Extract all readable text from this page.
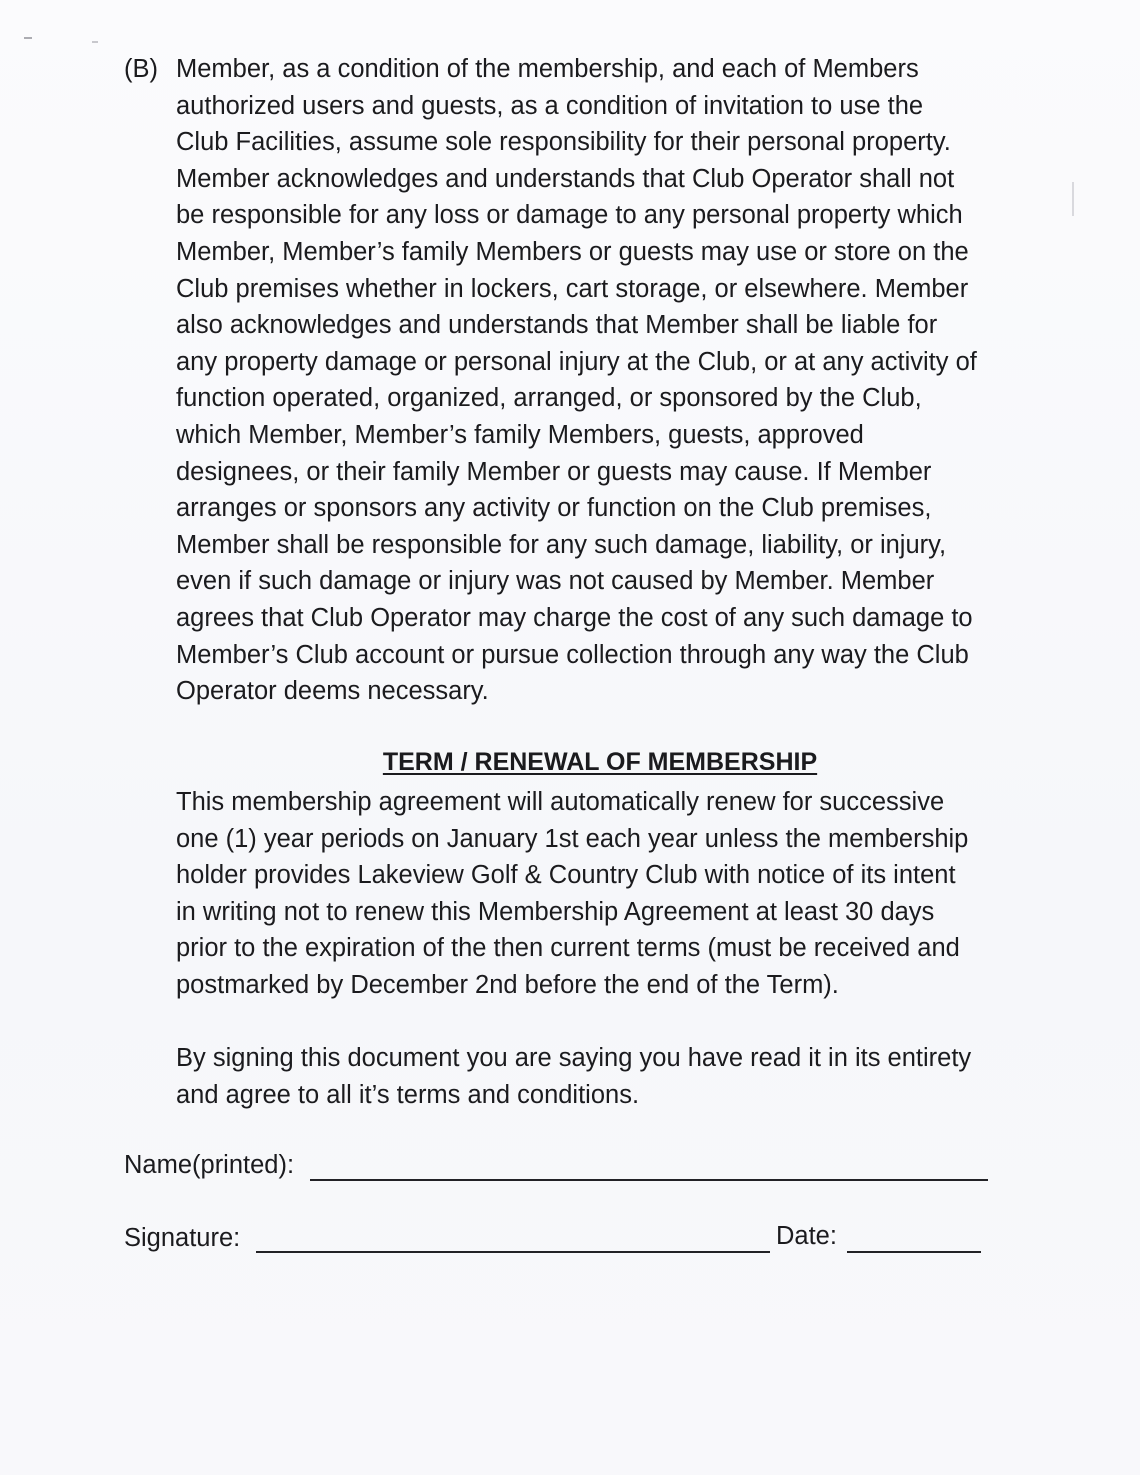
(B) Member, as a condition of the membership, and each of Members
authorized users and guests, as a condition of invitation to use the
Club Facilities, assume sole responsibility for their personal property.
Member acknowledges and understands that Club Operator shall not
be responsible for any loss or damage to any personal property which
Member, Member’s family Members or guests may use or store on the
Club premises whether in lockers, cart storage, or elsewhere. Member
also acknowledges and understands that Member shall be liable for
any property damage or personal injury at the Club, or at any activity of
function operated, organized, arranged, or sponsored by the Club,
which Member, Member’s family Members, guests, approved
designees, or their family Member or guests may cause. If Member
arranges or sponsors any activity or function on the Club premises,
Member shall be responsible for any such damage, liability, or injury,
even if such damage or injury was not caused by Member. Member
agrees that Club Operator may charge the cost of any such damage to
Member’s Club account or pursue collection through any way the Club
Operator deems necessary.
TERM / RENEWAL OF MEMBERSHIP
This membership agreement will automatically renew for successive
one (1) year periods on January 1st each year unless the membership
holder provides Lakeview Golf & Country Club with notice of its intent
in writing not to renew this Membership Agreement at least 30 days
prior to the expiration of the then current terms (must be received and
postmarked by December 2nd before the end of the Term).
By signing this document you are saying you have read it in its entirety
and agree to all it’s terms and conditions.
Name(printed):
Signature:	Date:
